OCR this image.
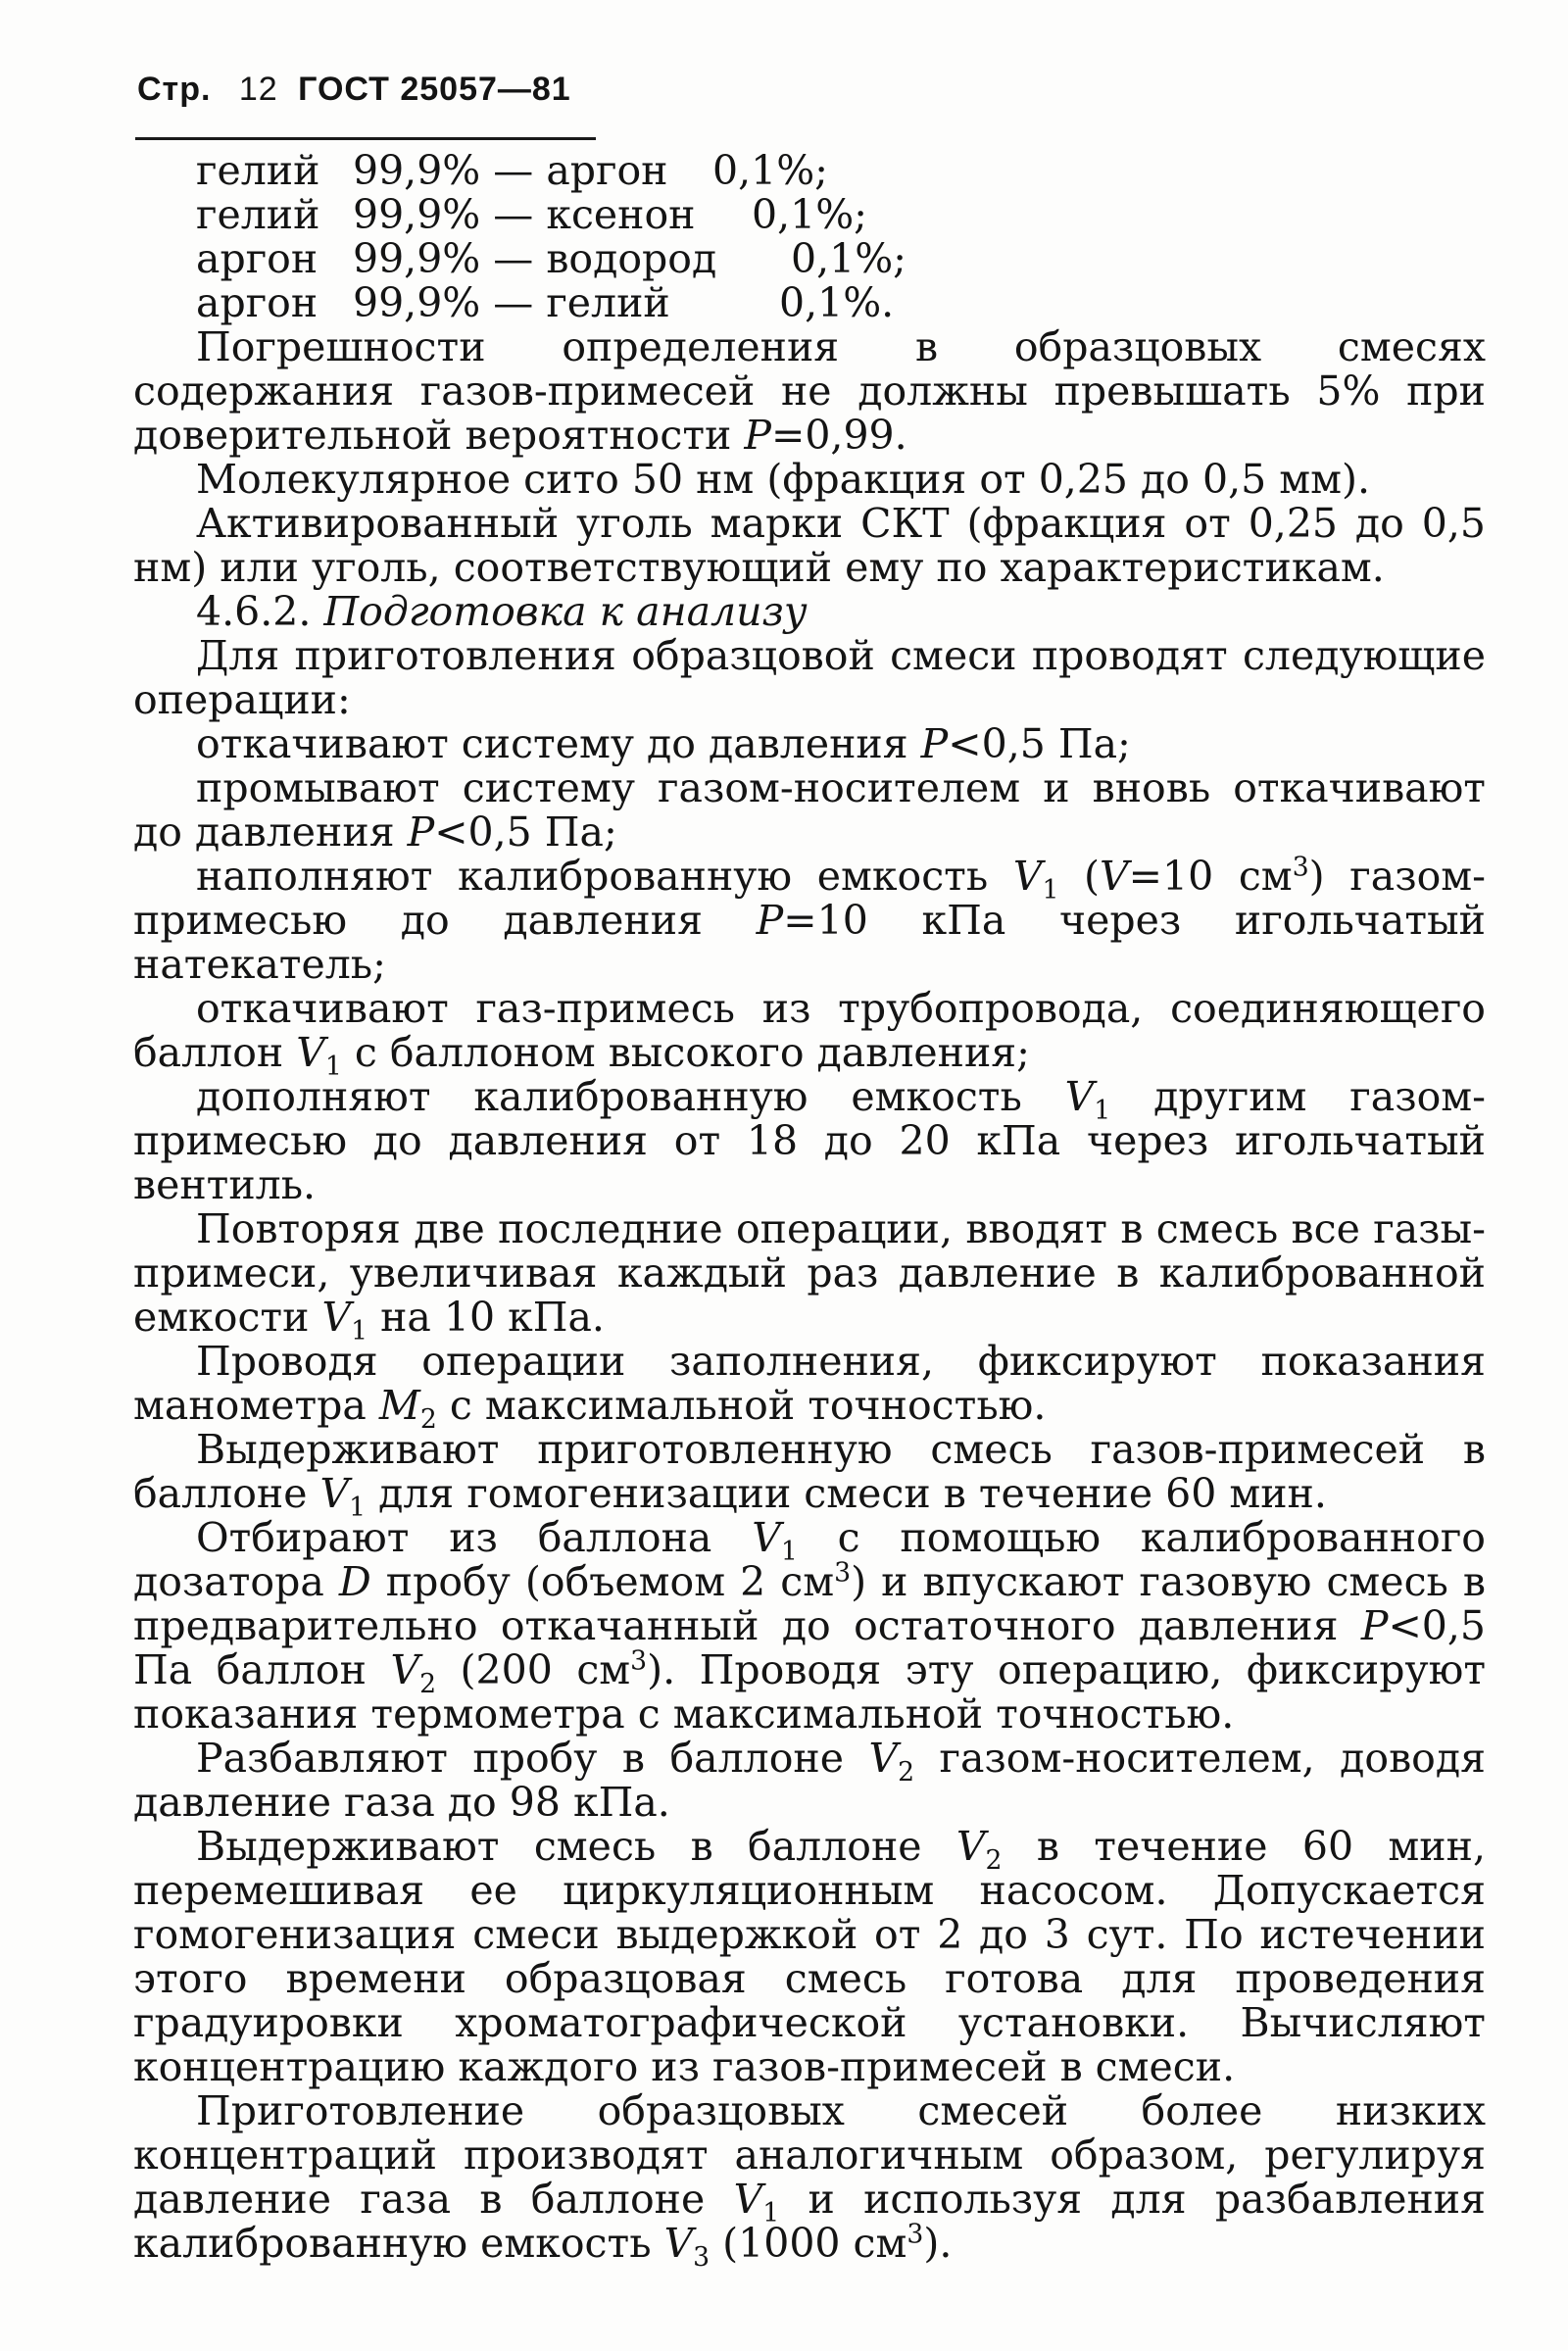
Стр. 12 ГОСТ 25057—81
гелий 99,9% — аргон 0,1%;
гелий 99,9% — ксенон 0,1%;
аргон 99,9% — водород 0,1%;
аргон 99,9% — гелий	0,1%.

Погрешности определения в образцовых смесях содержания газов-примесей не должны превышать 5% при доверительной вероятности P=0,99.

Молекулярное сито 50 нм (фракция от 0,25 до 0,5 мм).

Активированный уголь марки СКТ (фракция от 0,25 до 0,5 нм) или уголь, соответствующий ему по характеристикам.

4.6.2. Подготовка к анализу

Для приготовления образцовой смеси проводят следующие операции:

откачивают систему до давления P<0,5 Па;

промывают систему газом-носителем и вновь откачивают до давления P<0,5 Па;

наполняют калиброванную емкость $V_1$ (V=10 $см^3$) газом-примесью до давления P=10 кПа через игольчатый натекатель;

откачивают газ-примесь из трубопровода, соединяющего баллон $V_1$ с баллоном высокого давления;

дополняют калиброванную емкость $V_1$ другим газом-примесью до давления от 18 до 20 кПа через игольчатый вентиль.

Повторяя две последние операции, вводят в смесь все газы-примеси, увеличивая каждый раз давление в калиброванной емкости $V_1$ на 10 кПа.

Проводя операции заполнения, фиксируют показания манометра $M_2$ с максимальной точностью.

Выдерживают приготовленную смесь газов-примесей в баллоне $V_1$ для гомогенизации смеси в течение 60 мин.

Отбирают из баллона $V_1$ с помощью калиброванного дозатора D пробу (объемом 2 $см^3$) и впускают газовую смесь в предварительно откачанный до остаточного давления P<0,5 Па баллон $V_2$ (200 $см^3$). Проводя эту операцию, фиксируют показания термометра с максимальной точностью.

Разбавляют пробу в баллоне $V_2$ газом-носителем, доводя давление газа до 98 кПа.

Выдерживают смесь в баллоне $V_2$ в течение 60 мин, перемешивая ее циркуляционным насосом. Допускается гомогенизация смеси выдержкой от 2 до 3 сут. По истечении этого времени образцовая смесь готова для проведения градуировки хроматографической установки. Вычисляют концентрацию каждого из газов-примесей в смеси.

Приготовление образцовых смесей более низких концентраций производят аналогичным образом, регулируя давление газа в баллоне $V_1$ и используя для разбавления калиброванную емкость $V_3$ (1000 $см^3$).
